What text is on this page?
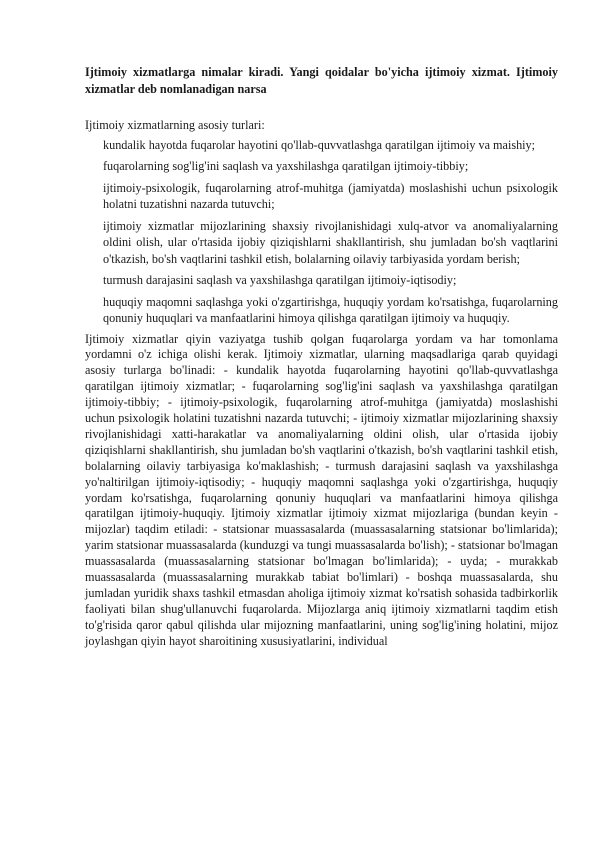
Ijtimoiy xizmatlarga nimalar kiradi. Yangi qoidalar bo'yicha ijtimoiy xizmat. Ijtimoiy xizmatlar deb nomlanadigan narsa

Ijtimoiy xizmatlarning asosiy turlari:

kundalik hayotda fuqarolar hayotini qo'llab-quvvatlashga qaratilgan ijtimoiy va maishiy;
fuqarolarning sog'lig'ini saqlash va yaxshilashga qaratilgan ijtimoiy-tibbiy;
ijtimoiy-psixologik, fuqarolarning atrof-muhitga (jamiyatda) moslashishi uchun psixologik holatni tuzatishni nazarda tutuvchi;
ijtimoiy xizmatlar mijozlarining shaxsiy rivojlanishidagi xulq-atvor va anomaliyalarning oldini olish, ular o'rtasida ijobiy qiziqishlarni shakllantirish, shu jumladan bo'sh vaqtlarini o'tkazish, bo'sh vaqtlarini tashkil etish, bolalarning oilaviy tarbiyasida yordam berish;
turmush darajasini saqlash va yaxshilashga qaratilgan ijtimoiy-iqtisodiy;
huquqiy maqomni saqlashga yoki o'zgartirishga, huquqiy yordam ko'rsatishga, fuqarolarning qonuniy huquqlari va manfaatlarini himoya qilishga qaratilgan ijtimoiy va huquqiy.

Ijtimoiy xizmatlar qiyin vaziyatga tushib qolgan fuqarolarga yordam va har tomonlama yordamni o'z ichiga olishi kerak. Ijtimoiy xizmatlar, ularning maqsadlariga qarab quyidagi asosiy turlarga bo'linadi: - kundalik hayotda fuqarolarning hayotini qo'llab-quvvatlashga qaratilgan ijtimoiy xizmatlar; - fuqarolarning sog'lig'ini saqlash va yaxshilashga qaratilgan ijtimoiy-tibbiy; - ijtimoiy-psixologik, fuqarolarning atrof-muhitga (jamiyatda) moslashishi uchun psixologik holatini tuzatishni nazarda tutuvchi; - ijtimoiy xizmatlar mijozlarining shaxsiy rivojlanishidagi xatti-harakatlar va anomaliyalarning oldini olish, ular o'rtasida ijobiy qiziqishlarni shakllantirish, shu jumladan bo'sh vaqtlarini o'tkazish, bo'sh vaqtlarini tashkil etish, bolalarning oilaviy tarbiyasiga ko'maklashish; - turmush darajasini saqlash va yaxshilashga yo'naltirilgan ijtimoiy-iqtisodiy; - huquqiy maqomni saqlashga yoki o'zgartirishga, huquqiy yordam ko'rsatishga, fuqarolarning qonuniy huquqlari va manfaatlarini himoya qilishga qaratilgan ijtimoiy-huquqiy. Ijtimoiy xizmatlar ijtimoiy xizmat mijozlariga (bundan keyin - mijozlar) taqdim etiladi: - statsionar muassasalarda (muassasalarning statsionar bo'limlarida); yarim statsionar muassasalarda (kunduzgi va tungi muassasalarda bo'lish); - statsionar bo'lmagan muassasalarda (muassasalarning statsionar bo'lmagan bo'limlarida); - uyda; - murakkab muassasalarda (muassasalarning murakkab tabiat bo'limlari) - boshqa muassasalarda, shu jumladan yuridik shaxs tashkil etmasdan aholiga ijtimoiy xizmat ko'rsatish sohasida tadbirkorlik faoliyati bilan shug'ullanuvchi fuqarolarda. Mijozlarga aniq ijtimoiy xizmatlarni taqdim etish to'g'risida qaror qabul qilishda ular mijozning manfaatlarini, uning sog'lig'ining holatini, mijoz joylashgan qiyin hayot sharoitining xususiyatlarini, individual
